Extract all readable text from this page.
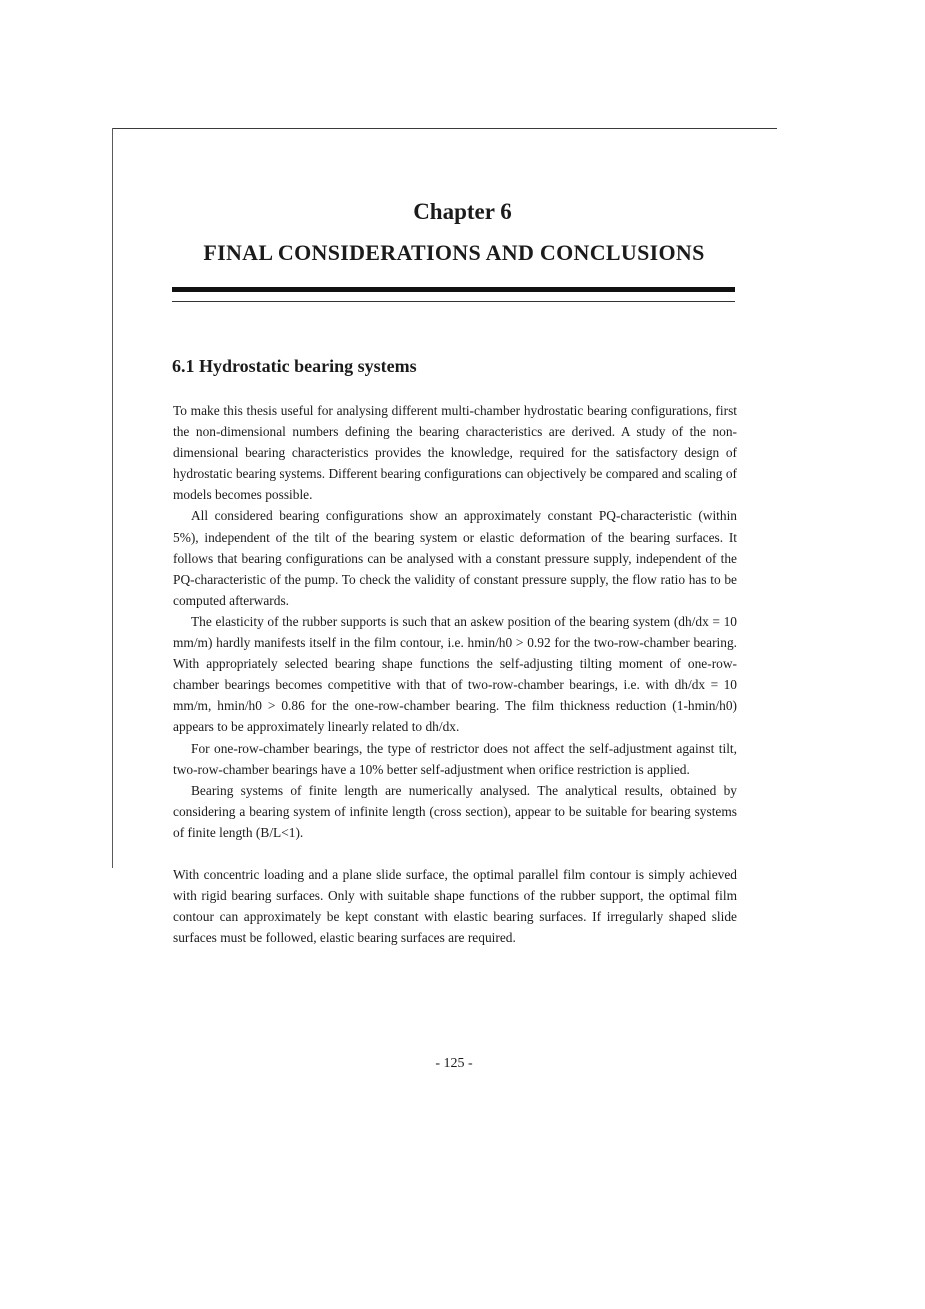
Chapter 6
FINAL CONSIDERATIONS AND CONCLUSIONS
6.1 Hydrostatic bearing systems

To make this thesis useful for analysing different multi-chamber hydrostatic bearing configurations, first the non-dimensional numbers defining the bearing characteristics are derived. A study of the non-dimensional bearing characteristics provides the knowledge, required for the satisfactory design of hydrostatic bearing systems. Different bearing configurations can objectively be compared and scaling of models becomes possible.

All considered bearing configurations show an approximately constant PQ-characteristic (within 5%), independent of the tilt of the bearing system or elastic deformation of the bearing surfaces. It follows that bearing configurations can be analysed with a constant pressure supply, independent of the PQ-characteristic of the pump. To check the validity of constant pressure supply, the flow ratio has to be computed afterwards.

The elasticity of the rubber supports is such that an askew position of the bearing system (dh/dx = 10 mm/m) hardly manifests itself in the film contour, i.e. hmin/h0 > 0.92 for the two-row-chamber bearing. With appropriately selected bearing shape functions the self-adjusting tilting moment of one-row-chamber bearings becomes competitive with that of two-row-chamber bearings, i.e. with dh/dx = 10 mm/m, hmin/h0 > 0.86 for the one-row-chamber bearing. The film thickness reduction (1-hmin/h0) appears to be approximately linearly related to dh/dx.

For one-row-chamber bearings, the type of restrictor does not affect the self-adjustment against tilt, two-row-chamber bearings have a 10% better self-adjustment when orifice restriction is applied.

Bearing systems of finite length are numerically analysed. The analytical results, obtained by considering a bearing system of infinite length (cross section), appear to be suitable for bearing systems of finite length (B/L<1).

With concentric loading and a plane slide surface, the optimal parallel film contour is simply achieved with rigid bearing surfaces. Only with suitable shape functions of the rubber support, the optimal film contour can approximately be kept constant with elastic bearing surfaces. If irregularly shaped slide surfaces must be followed, elastic bearing surfaces are required.

- 125 -
